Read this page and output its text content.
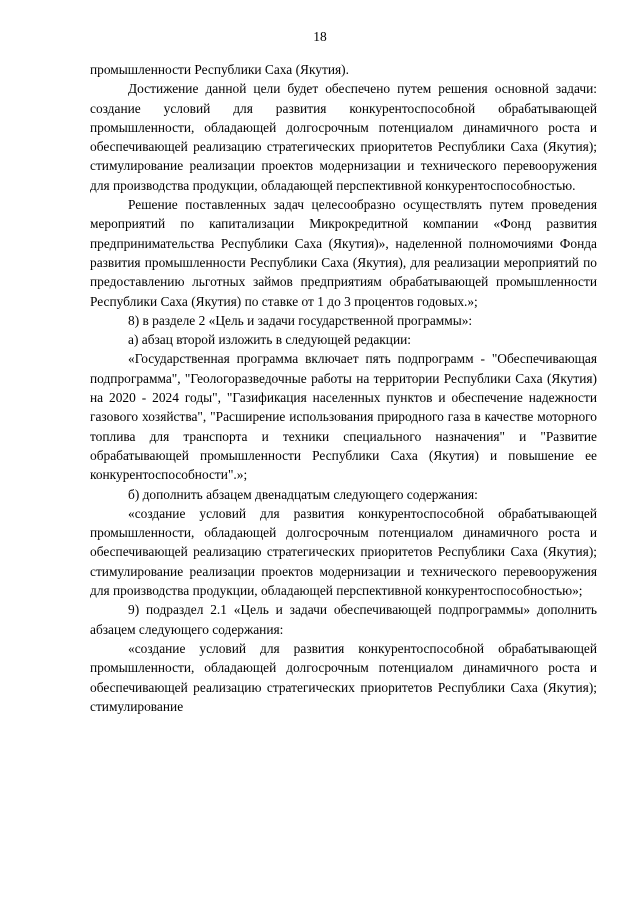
18

промышленности Республики Саха (Якутия).

Достижение данной цели будет обеспечено путем решения основной задачи: создание условий для развития конкурентоспособной обрабатывающей промышленности, обладающей долгосрочным потенциалом динамичного роста и обеспечивающей реализацию стратегических приоритетов Республики Саха (Якутия); стимулирование реализации проектов модернизации и технического перевооружения для производства продукции, обладающей перспективной конкурентоспособностью.

Решение поставленных задач целесообразно осуществлять путем проведения мероприятий по капитализации Микрокредитной компании «Фонд развития предпринимательства Республики Саха (Якутия)», наделенной полномочиями Фонда развития промышленности Республики Саха (Якутия), для реализации мероприятий по предоставлению льготных займов предприятиям обрабатывающей промышленности Республики Саха (Якутия) по ставке от 1 до 3 процентов годовых.»;

8) в разделе 2 «Цель и задачи государственной программы»:

а) абзац второй изложить в следующей редакции:

«Государственная программа включает пять подпрограмм - "Обеспечивающая подпрограмма", "Геологоразведочные работы на территории Республики Саха (Якутия) на 2020 - 2024 годы", "Газификация населенных пунктов и обеспечение надежности газового хозяйства", "Расширение использования природного газа в качестве моторного топлива для транспорта и техники специального назначения" и "Развитие обрабатывающей промышленности Республики Саха (Якутия) и повышение ее конкурентоспособности".»;

б) дополнить абзацем двенадцатым следующего содержания:

«создание условий для развития конкурентоспособной обрабатывающей промышленности, обладающей долгосрочным потенциалом динамичного роста и обеспечивающей реализацию стратегических приоритетов Республики Саха (Якутия); стимулирование реализации проектов модернизации и технического перевооружения для производства продукции, обладающей перспективной конкурентоспособностью»;

9) подраздел 2.1 «Цель и задачи обеспечивающей подпрограммы» дополнить абзацем следующего содержания:

«создание условий для развития конкурентоспособной обрабатывающей промышленности, обладающей долгосрочным потенциалом динамичного роста и обеспечивающей реализацию стратегических приоритетов Республики Саха (Якутия); стимулирование
